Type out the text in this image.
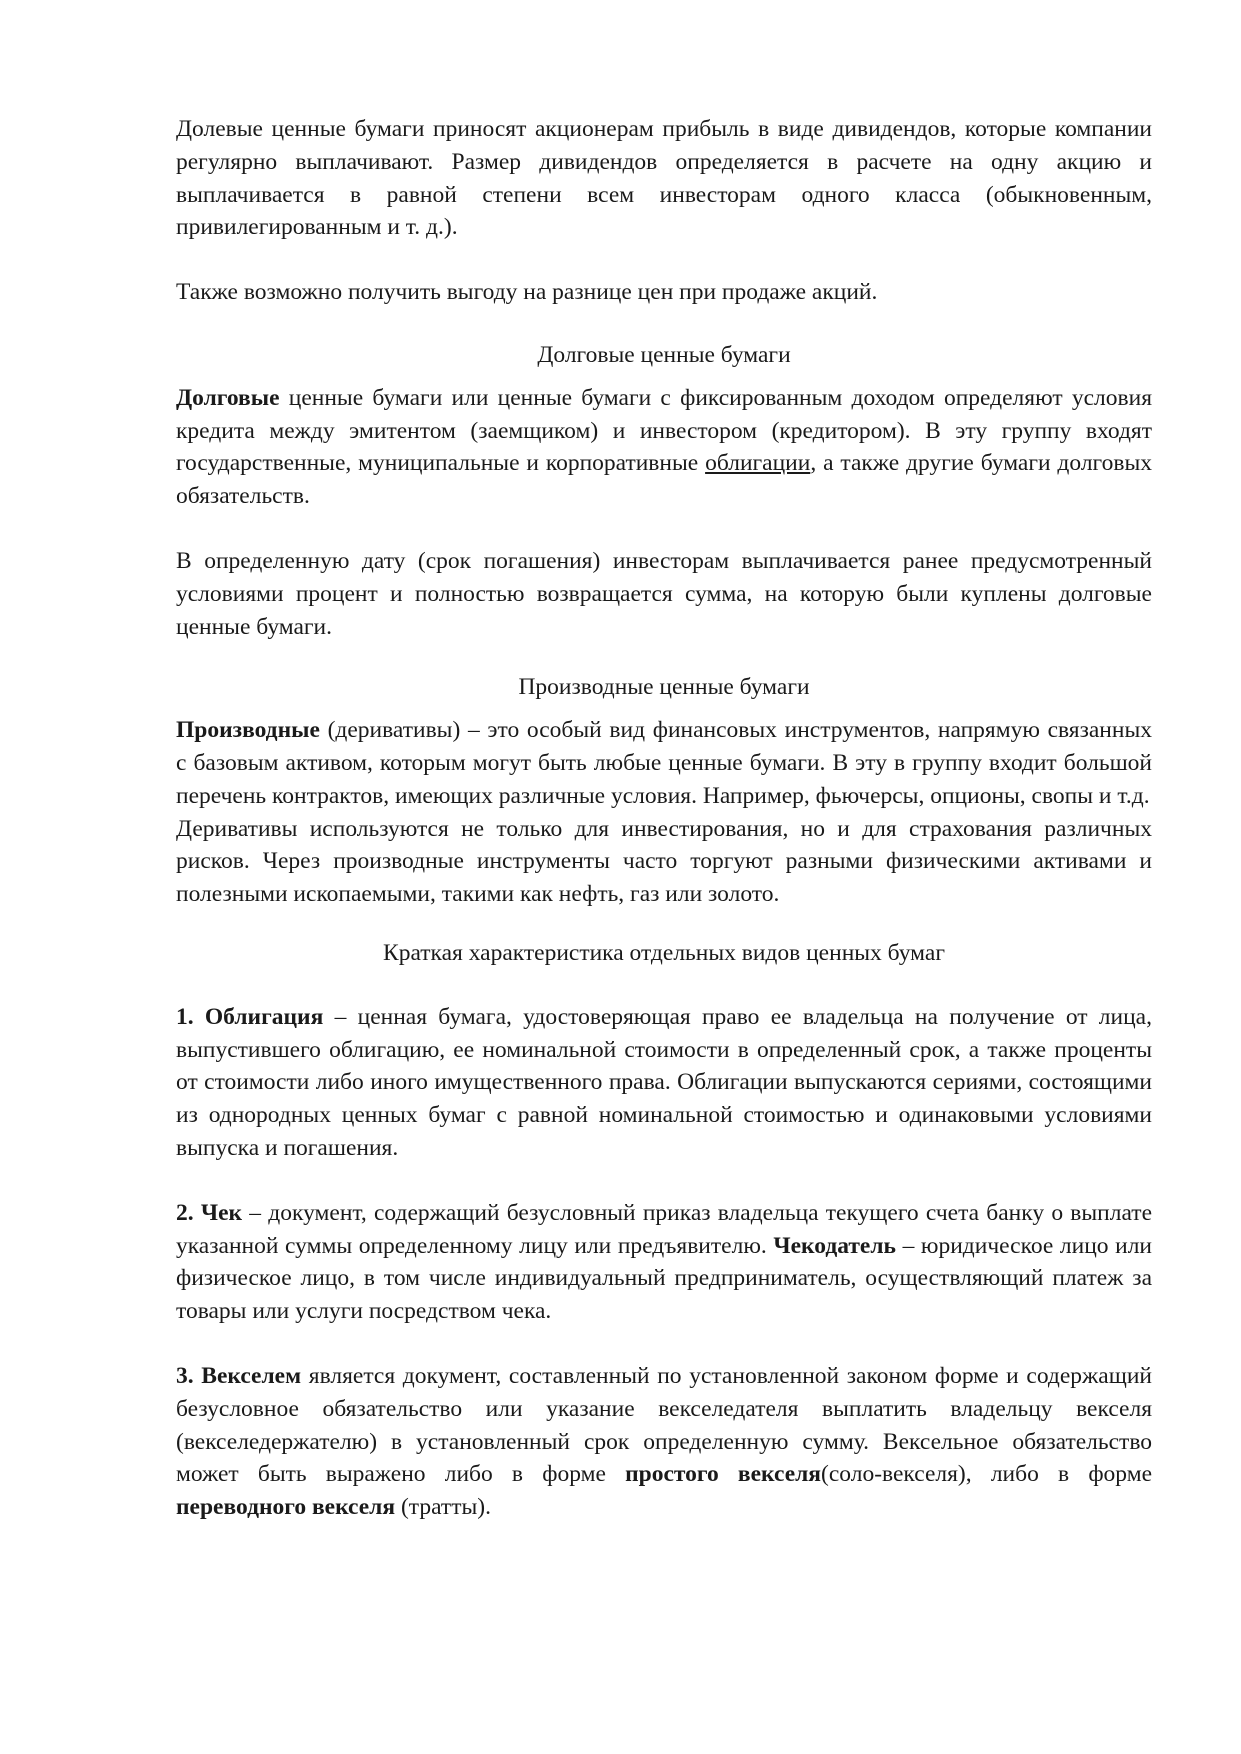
Долевые ценные бумаги приносят акционерам прибыль в виде дивидендов, которые компании регулярно выплачивают. Размер дивидендов определяется в расчете на одну акцию и выплачивается в равной степени всем инвесторам одного класса (обыкновенным, привилегированным и т. д.).

Также возможно получить выгоду на разнице цен при продаже акций.

Долговые ценные бумаги

Долговые ценные бумаги или ценные бумаги с фиксированным доходом определяют условия кредита между эмитентом (заемщиком) и инвестором (кредитором). В эту группу входят государственные, муниципальные и корпоративные облигации, а также другие бумаги долговых обязательств.

В определенную дату (срок погашения) инвесторам выплачивается ранее предусмотренный условиями процент и полностью возвращается сумма, на которую были куплены долговые ценные бумаги.

Производные ценные бумаги

Производные (деривативы) – это особый вид финансовых инструментов, напрямую связанных с базовым активом, которым могут быть любые ценные бумаги. В эту в группу входит большой перечень контрактов, имеющих различные условия. Например, фьючерсы, опционы, свопы и т.д.

Деривативы используются не только для инвестирования, но и для страхования различных рисков. Через производные инструменты часто торгуют разными физическими активами и полезными ископаемыми, такими как нефть, газ или золото.

Краткая характеристика отдельных видов ценных бумаг

1. Облигация – ценная бумага, удостоверяющая право ее владельца на получение от лица, выпустившего облигацию, ее номинальной стоимости в определенный срок, а также проценты от стоимости либо иного имущественного права. Облигации выпускаются сериями, состоящими из однородных ценных бумаг с равной номинальной стоимостью и одинаковыми условиями выпуска и погашения.

2. Чек – документ, содержащий безусловный приказ владельца текущего счета банку о выплате указанной суммы определенному лицу или предъявителю. Чекодатель – юридическое лицо или физическое лицо, в том числе индивидуальный предприниматель, осуществляющий платеж за товары или услуги посредством чека.

3. Векселем является документ, составленный по установленной законом форме и содержащий безусловное обязательство или указание векселедателя выплатить владельцу векселя (векселедержателю) в установленный срок определенную сумму. Вексельное обязательство может быть выражено либо в форме простого векселя(соло-векселя), либо в форме переводного векселя (тратты).
